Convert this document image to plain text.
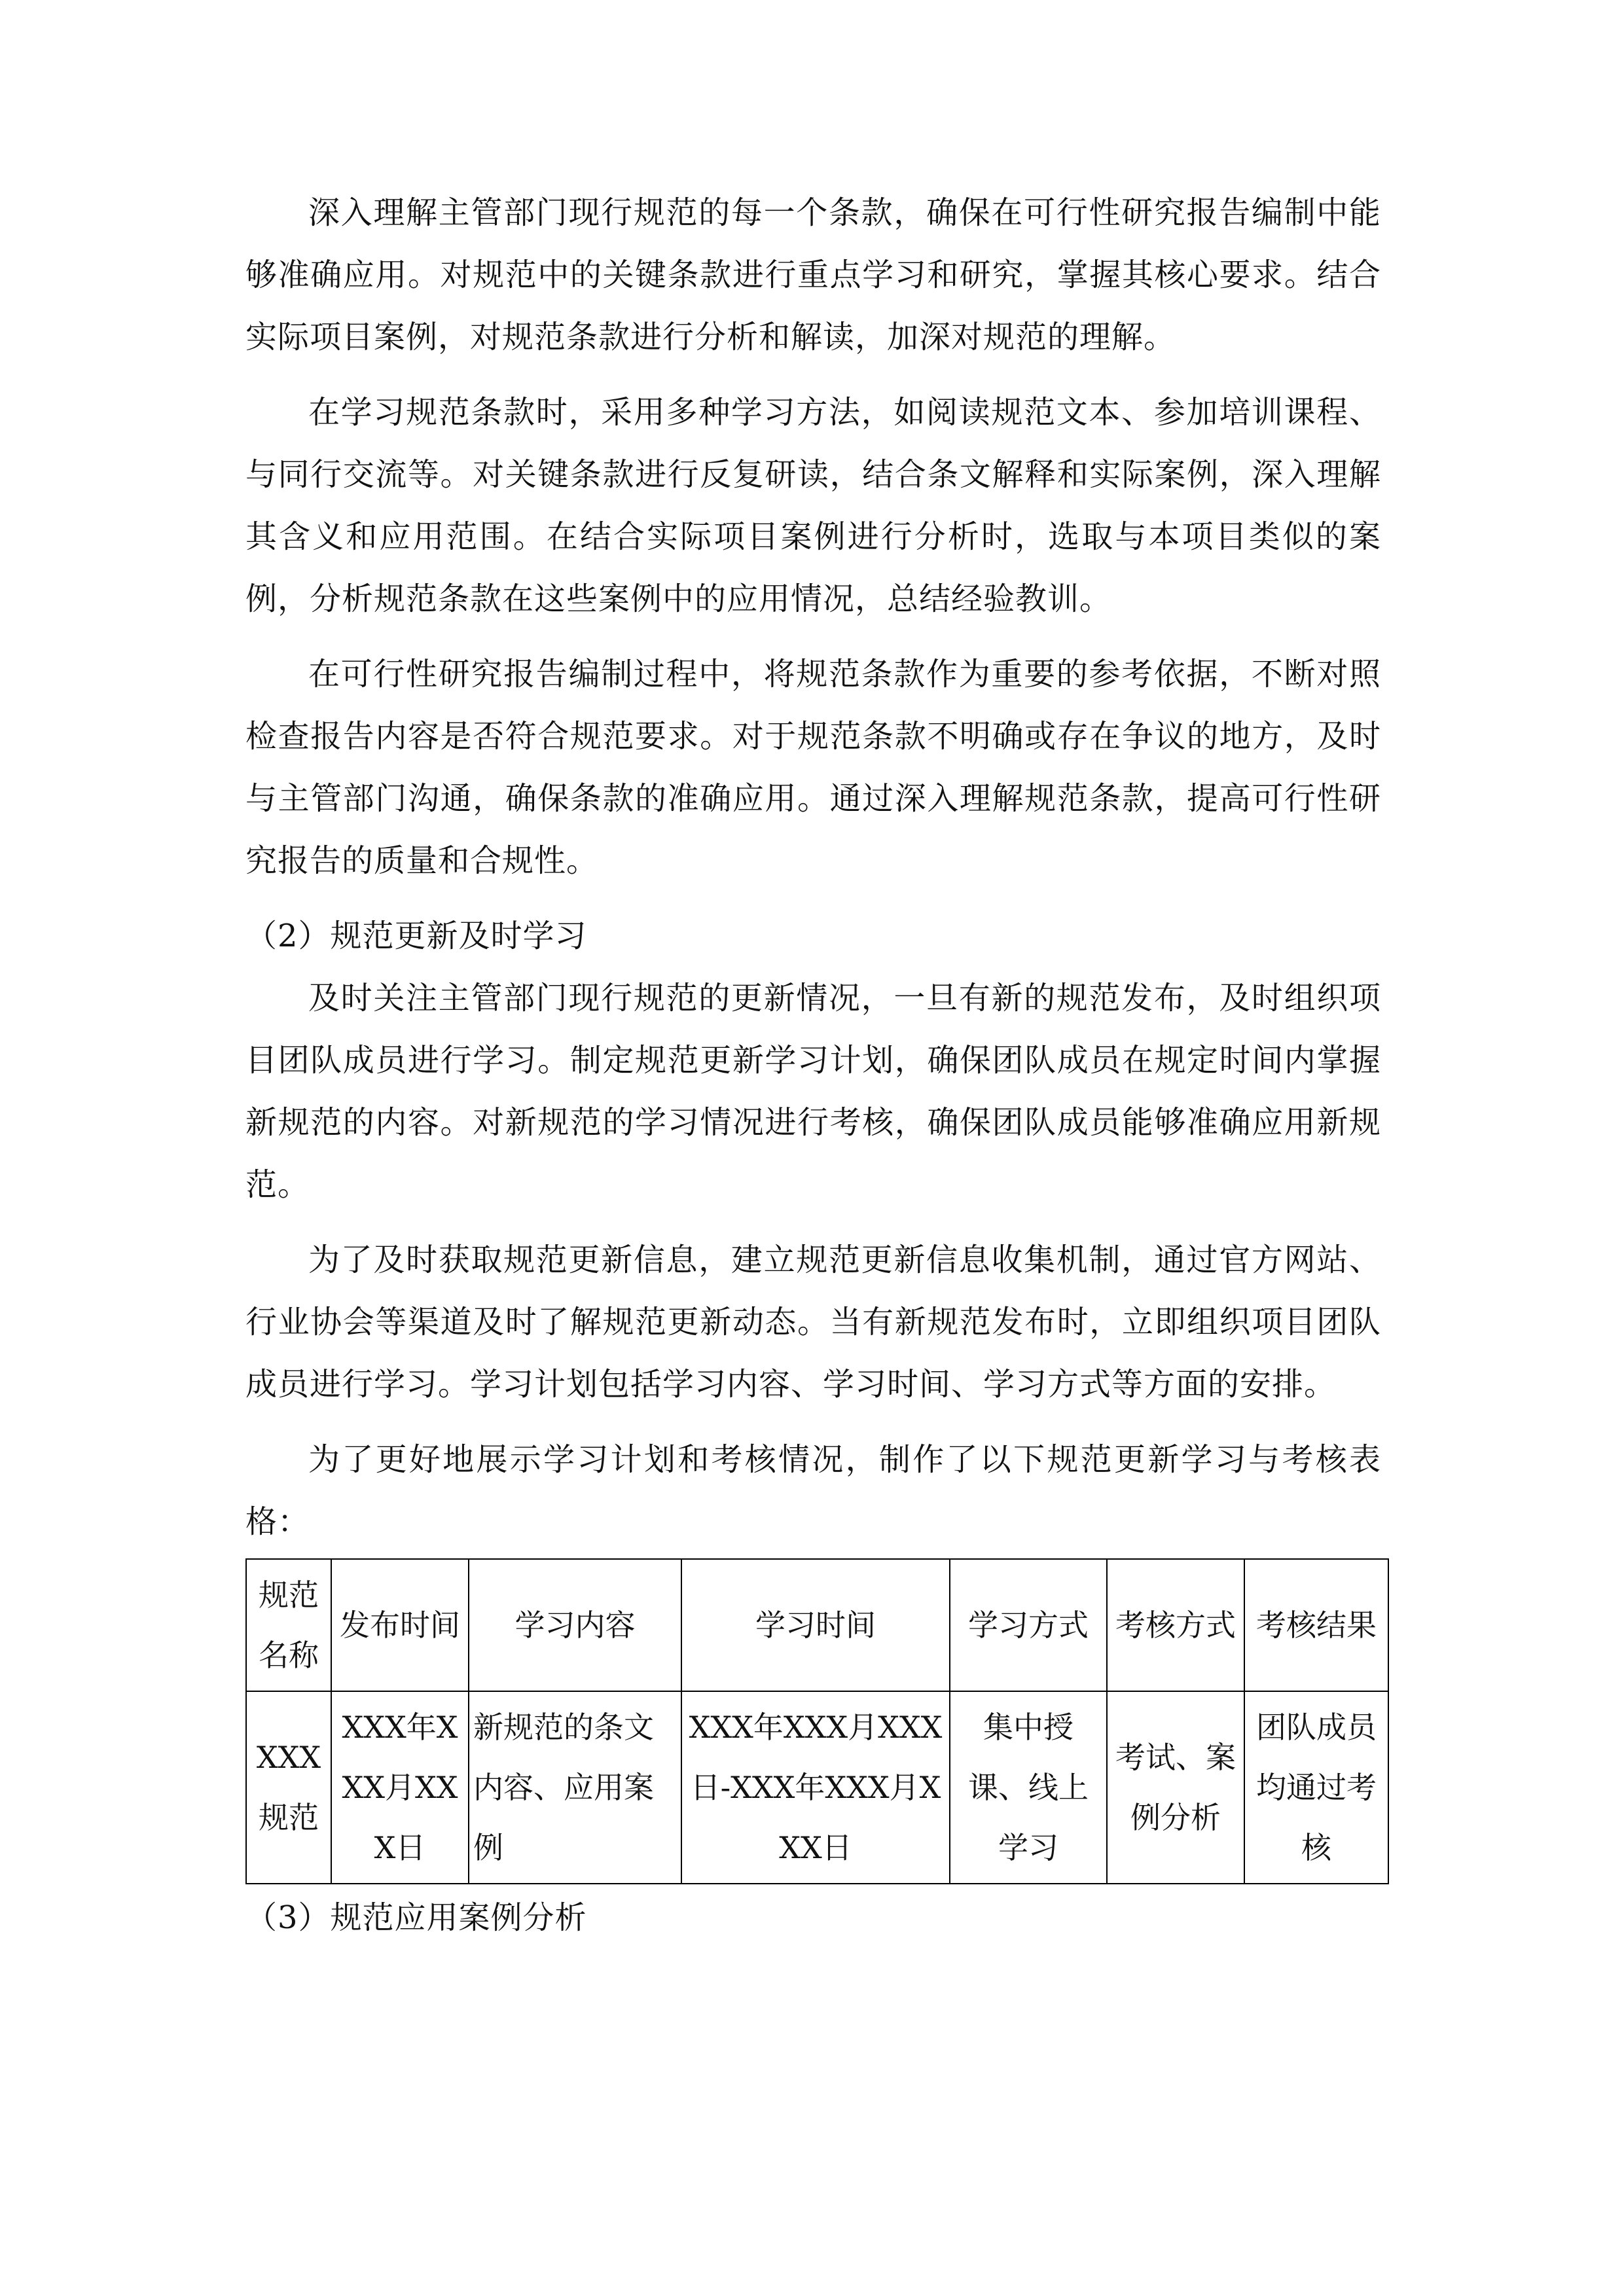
深入理解主管部门现行规范的每一个条款，确保在可行性研究报告编制中能够准确应用。对规范中的关键条款进行重点学习和研究，掌握其核心要求。结合实际项目案例，对规范条款进行分析和解读，加深对规范的理解。

在学习规范条款时，采用多种学习方法，如阅读规范文本、参加培训课程、与同行交流等。对关键条款进行反复研读，结合条文解释和实际案例，深入理解其含义和应用范围。在结合实际项目案例进行分析时，选取与本项目类似的案例，分析规范条款在这些案例中的应用情况，总结经验教训。

在可行性研究报告编制过程中，将规范条款作为重要的参考依据，不断对照检查报告内容是否符合规范要求。对于规范条款不明确或存在争议的地方，及时与主管部门沟通，确保条款的准确应用。通过深入理解规范条款，提高可行性研究报告的质量和合规性。

（2）规范更新及时学习

及时关注主管部门现行规范的更新情况，一旦有新的规范发布，及时组织项目团队成员进行学习。制定规范更新学习计划，确保团队成员在规定时间内掌握新规范的内容。对新规范的学习情况进行考核，确保团队成员能够准确应用新规范。

为了及时获取规范更新信息，建立规范更新信息收集机制，通过官方网站、行业协会等渠道及时了解规范更新动态。当有新规范发布时，立即组织项目团队成员进行学习。学习计划包括学习内容、学习时间、学习方式等方面的安排。

为了更好地展示学习计划和考核情况，制作了以下规范更新学习与考核表格：

规范名称	发布时间	学习内容	学习时间	学习方式	考核方式	考核结果
XXX规范	XXX年XXX月XXX日	新规范的条文内容、应用案例	XXX年XXX月XXX日-XXX年XXX月XXX日	集中授课、线上学习	考试、案例分析	团队成员均通过考核

（3）规范应用案例分析
